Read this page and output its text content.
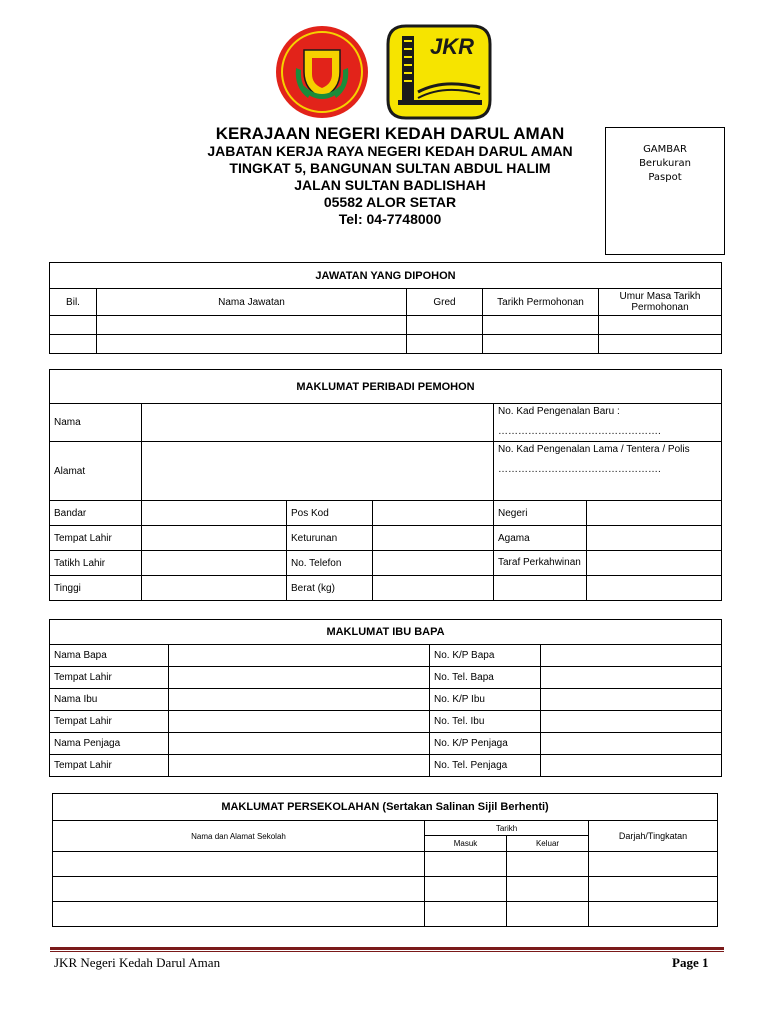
JKR
KERAJAAN NEGERI KEDAH DARUL AMAN
JABATAN KERJA RAYA NEGERI KEDAH DARUL AMAN
TINGKAT 5, BANGUNAN SULTAN ABDUL HALIM
JALAN SULTAN BADLISHAH
05582 ALOR SETAR
Tel: 04-7748000
GAMBAR
Berukuran
Paspot
JAWATAN YANG DIPOHON				
Bil.	Nama Jawatan	Gred	Tarikh Permohonan	Umur Masa Tarikh Permohonan

MAKLUMAT PERIBADI PEMOHON					
Nama				No. Kad Pengenalan Baru :
………………………………………….	

Alamat				No. Kad Pengenalan Lama / Tentera / Polis
………………………………………….	

Bandar		Pos Kod		Negeri	
Tempat Lahir		Keturunan		Agama	
Tatikh Lahir		No. Telefon		Taraf Perkahwinan	
Tinggi		Berat (kg)			
MAKLUMAT IBU BAPA			
Nama Bapa		No. K/P Bapa	
Tempat Lahir		No. Tel. Bapa	
Nama Ibu		No. K/P Ibu	
Tempat Lahir		No. Tel. Ibu	
Nama Penjaga		No. K/P Penjaga	
Tempat Lahir		No. Tel. Penjaga	
MAKLUMAT PERSEKOLAHAN (Sertakan Salinan Sijil Berhenti)			
Nama dan Alamat Sekolah	Tarikh		Darjah/Tingkatan
	Masuk	Keluar	

JKR Negeri Kedah Darul Aman	Page 1
